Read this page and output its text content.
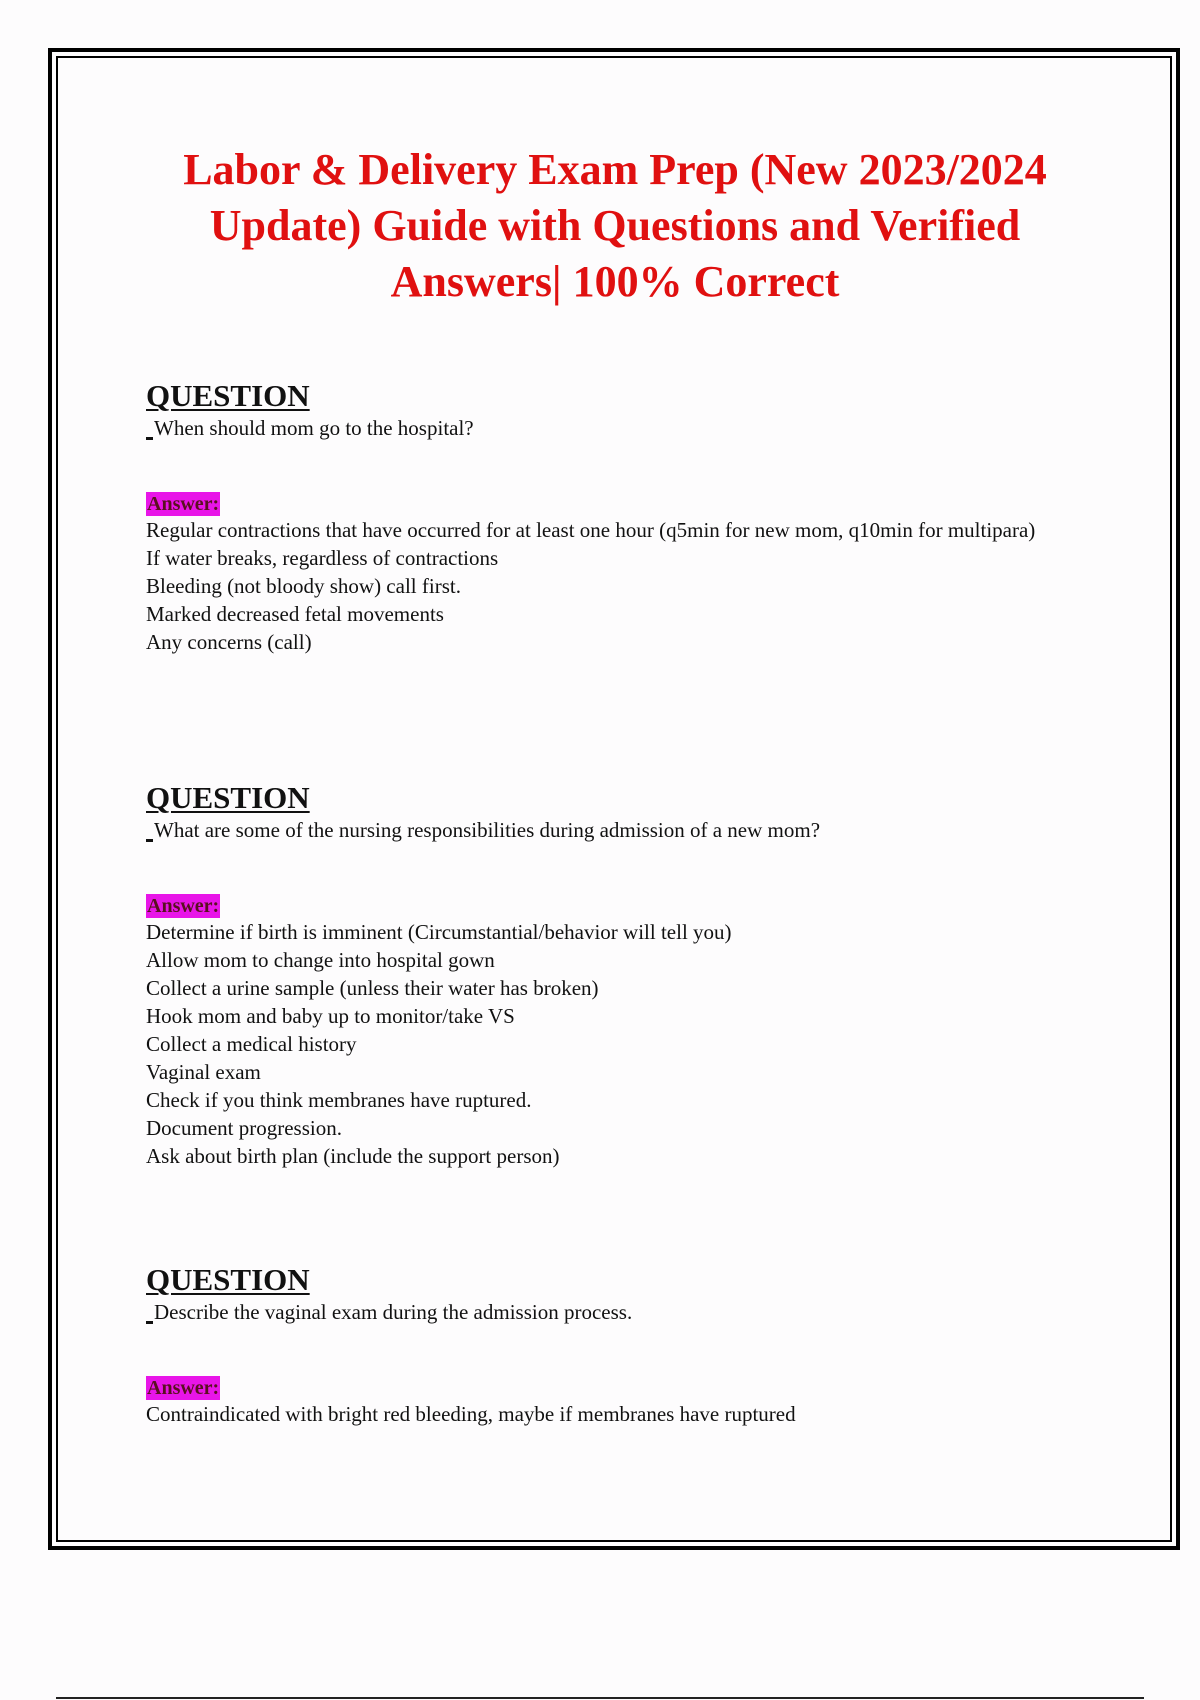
Labor & Delivery Exam Prep (New 2023/2024 Update) Guide with Questions and Verified Answers| 100% Correct

QUESTION

When should mom go to the hospital?

Answer:
Regular contractions that have occurred for at least one hour (q5min for new mom, q10min for multipara)
If water breaks, regardless of contractions
Bleeding (not bloody show) call first.
Marked decreased fetal movements
Any concerns (call)

QUESTION

What are some of the nursing responsibilities during admission of a new mom?

Answer:
Determine if birth is imminent (Circumstantial/behavior will tell you)
Allow mom to change into hospital gown
Collect a urine sample (unless their water has broken)
Hook mom and baby up to monitor/take VS
Collect a medical history
Vaginal exam
Check if you think membranes have ruptured.
Document progression.
Ask about birth plan (include the support person)

QUESTION

Describe the vaginal exam during the admission process.

Answer:
Contraindicated with bright red bleeding, maybe if membranes have ruptured
